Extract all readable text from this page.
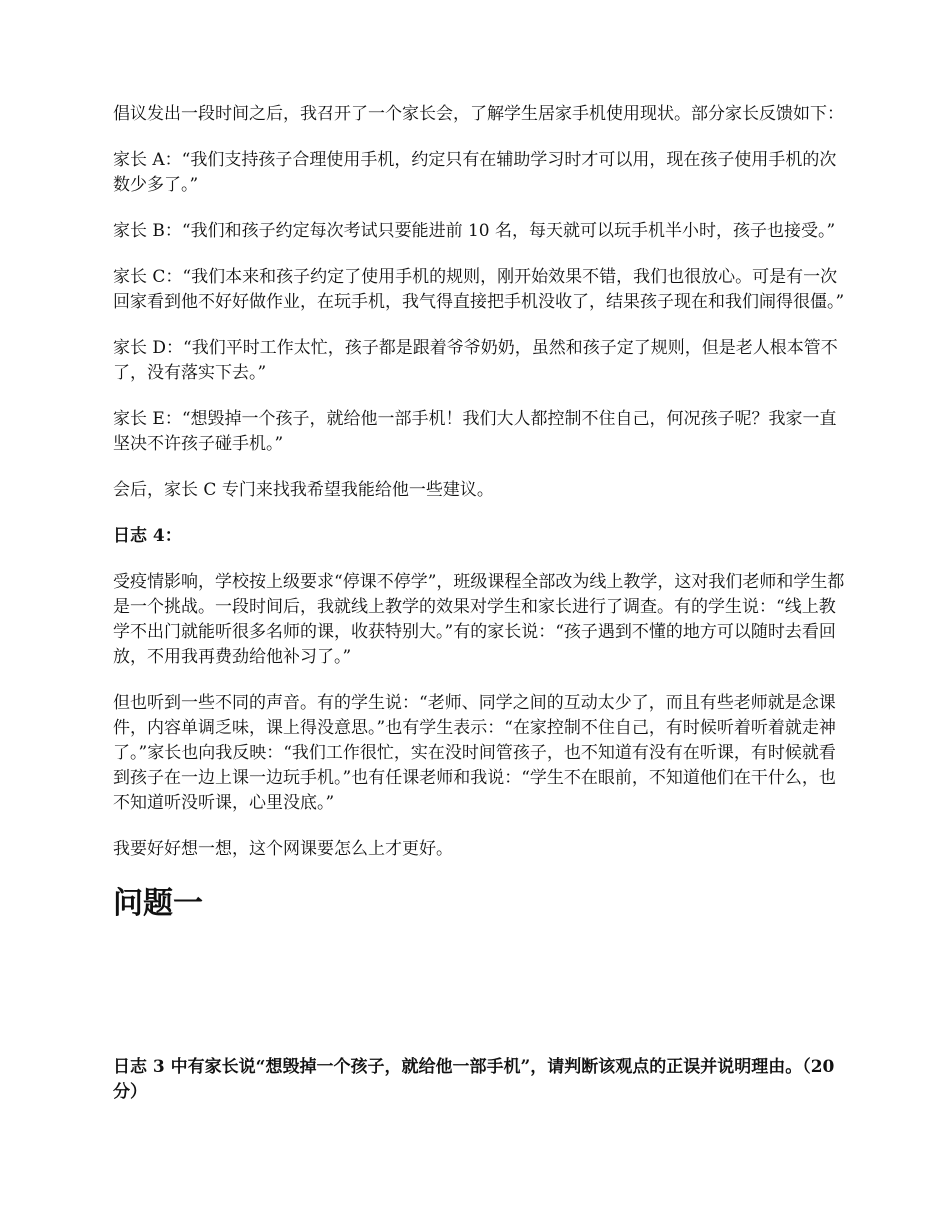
倡议发出一段时间之后，我召开了一个家长会，了解学生居家手机使用现状。部分家长反馈如下：

家长 A：“我们支持孩子合理使用手机，约定只有在辅助学习时才可以用，现在孩子使用手机的次数少多了。”

家长 B：“我们和孩子约定每次考试只要能进前 10 名，每天就可以玩手机半小时，孩子也接受。”

家长 C：“我们本来和孩子约定了使用手机的规则，刚开始效果不错，我们也很放心。可是有一次回家看到他不好好做作业，在玩手机，我气得直接把手机没收了，结果孩子现在和我们闹得很僵。”

家长 D：“我们平时工作太忙，孩子都是跟着爷爷奶奶，虽然和孩子定了规则，但是老人根本管不了，没有落实下去。”

家长 E：“想毁掉一个孩子，就给他一部手机！我们大人都控制不住自己，何况孩子呢？我家一直坚决不许孩子碰手机。”

会后，家长 C 专门来找我希望我能给他一些建议。

日志 4：

受疫情影响，学校按上级要求“停课不停学”，班级课程全部改为线上教学，这对我们老师和学生都是一个挑战。一段时间后，我就线上教学的效果对学生和家长进行了调查。有的学生说：“线上教学不出门就能听很多名师的课，收获特别大。”有的家长说：“孩子遇到不懂的地方可以随时去看回放，不用我再费劲给他补习了。”

但也听到一些不同的声音。有的学生说：“老师、同学之间的互动太少了，而且有些老师就是念课件，内容单调乏味，课上得没意思。”也有学生表示：“在家控制不住自己，有时候听着听着就走神了。”家长也向我反映：“我们工作很忙，实在没时间管孩子，也不知道有没有在听课，有时候就看到孩子在一边上课一边玩手机。”也有任课老师和我说：“学生不在眼前，不知道他们在干什么，也不知道听没听课，心里没底。”

我要好好想一想，这个网课要怎么上才更好。

问题一

日志 3 中有家长说“想毁掉一个孩子，就给他一部手机”，请判断该观点的正误并说明理由。（20 分）
